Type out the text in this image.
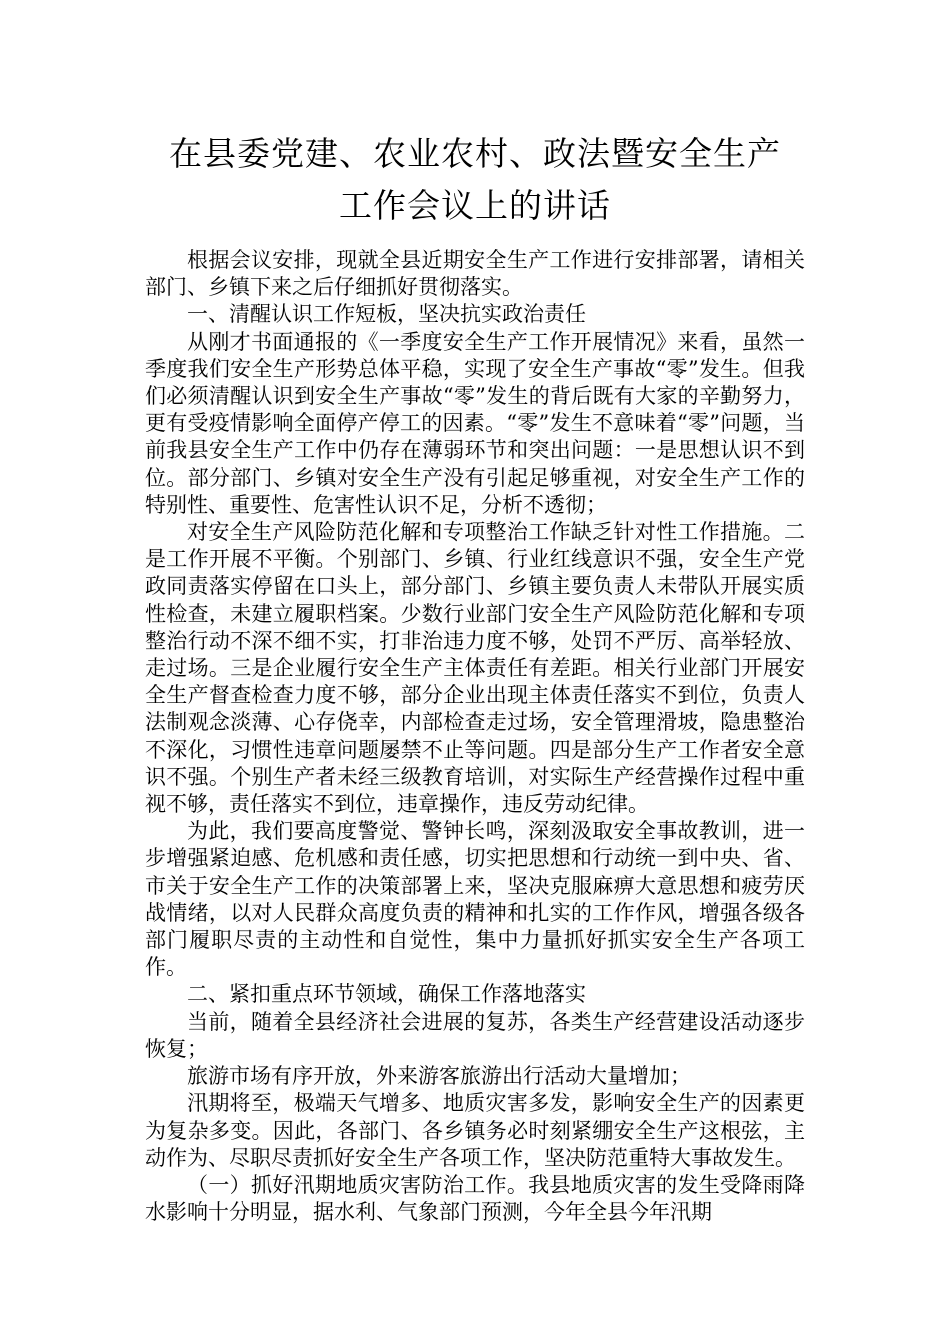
在县委党建、农业农村、政法暨安全生产
工作会议上的讲话

根据会议安排，现就全县近期安全生产工作进行安排部署，请相关部门、乡镇下来之后仔细抓好贯彻落实。

一、清醒认识工作短板，坚决抗实政治责任

从刚才书面通报的《一季度安全生产工作开展情况》来看，虽然一季度我们安全生产形势总体平稳，实现了安全生产事故“零”发生。但我们必须清醒认识到安全生产事故“零”发生的背后既有大家的辛勤努力，更有受疫情影响全面停产停工的因素。“零”发生不意味着“零”问题，当前我县安全生产工作中仍存在薄弱环节和突出问题：一是思想认识不到位。部分部门、乡镇对安全生产没有引起足够重视，对安全生产工作的特别性、重要性、危害性认识不足，分析不透彻；

对安全生产风险防范化解和专项整治工作缺乏针对性工作措施。二是工作开展不平衡。个别部门、乡镇、行业红线意识不强，安全生产党政同责落实停留在口头上，部分部门、乡镇主要负责人未带队开展实质性检查，未建立履职档案。少数行业部门安全生产风险防范化解和专项整治行动不深不细不实，打非治违力度不够，处罚不严厉、高举轻放、走过场。三是企业履行安全生产主体责任有差距。相关行业部门开展安全生产督查检查力度不够，部分企业出现主体责任落实不到位，负责人法制观念淡薄、心存侥幸，内部检查走过场，安全管理滑坡，隐患整治不深化，习惯性违章问题屡禁不止等问题。四是部分生产工作者安全意识不强。个别生产者未经三级教育培训，对实际生产经营操作过程中重视不够，责任落实不到位，违章操作，违反劳动纪律。

为此，我们要高度警觉、警钟长鸣，深刻汲取安全事故教训，进一步增强紧迫感、危机感和责任感，切实把思想和行动统一到中央、省、市关于安全生产工作的决策部署上来，坚决克服麻痹大意思想和疲劳厌战情绪，以对人民群众高度负责的精神和扎实的工作作风，增强各级各部门履职尽责的主动性和自觉性，集中力量抓好抓实安全生产各项工作。

二、紧扣重点环节领域，确保工作落地落实

当前，随着全县经济社会进展的复苏，各类生产经营建设活动逐步恢复；

旅游市场有序开放，外来游客旅游出行活动大量增加；

汛期将至，极端天气增多、地质灾害多发，影响安全生产的因素更为复杂多变。因此，各部门、各乡镇务必时刻紧绷安全生产这根弦，主动作为、尽职尽责抓好安全生产各项工作，坚决防范重特大事故发生。

（一）抓好汛期地质灾害防治工作。我县地质灾害的发生受降雨降水影响十分明显，据水利、气象部门预测，今年全县今年汛期
